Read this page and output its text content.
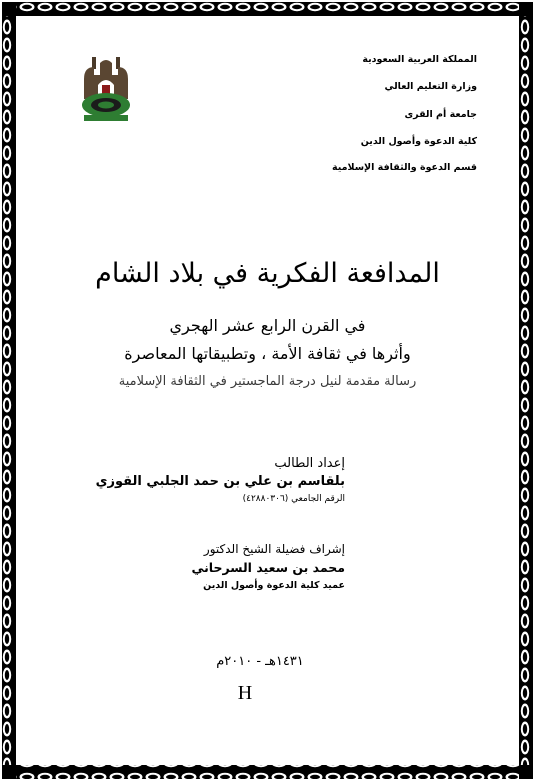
المملكة العربية السعودية
وزارة التعليم العالي
جامعة أم القرى
كلية الدعوة وأصول الدين
قسم الدعوة والثقافة الإسلامية
المدافعة الفكرية في بلاد الشام
في القرن الرابع عشر الهجري
وأثرها في ثقافة الأمة ، وتطبيقاتها المعاصرة
رسالة مقدمة لنيل درجة الماجستير في الثقافة الإسلامية
إعداد الطالب
بلقاسم بن علي بن حمد الجلبي القوزي
الرقم الجامعي (٤٢٨٨٠٣٠٦)
إشراف فضيلة الشيخ الدكتور
محمد بن سعيد السرحاني
عميد كلية الدعوة وأصول الدين
١٤٣١هـ - ٢٠١٠م
H
